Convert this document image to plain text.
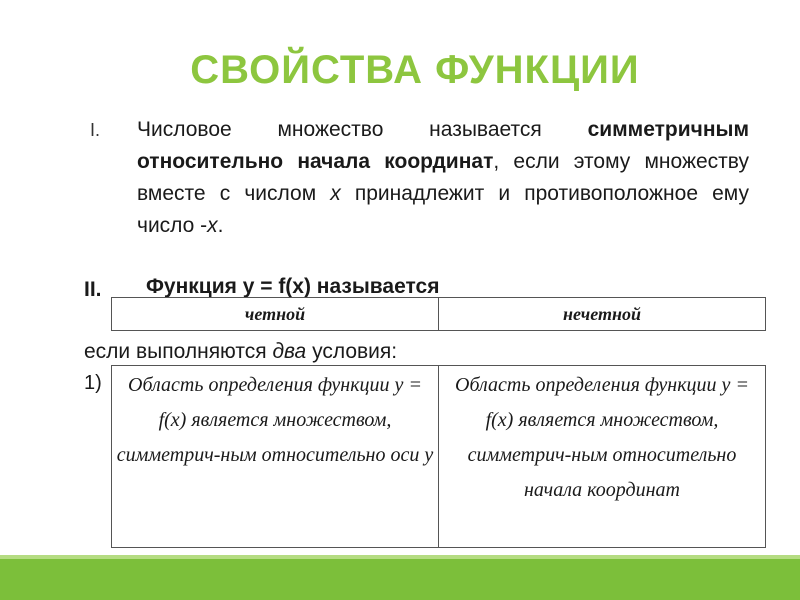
СВОЙСТВА ФУНКЦИИ
I. Числовое множество называется симметричным относительно начала координат, если этому множеству вместе с числом x принадлежит и противоположное ему число -x.
II. Функция у = f(x) называется
четной	нечетной
если выполняются два условия:
1) Область определения функции у = f(x) является множеством, симметрич-ным относительно оси у	Область определения функции у = f(x) является множеством, симметрич-ным относительно начала координат
